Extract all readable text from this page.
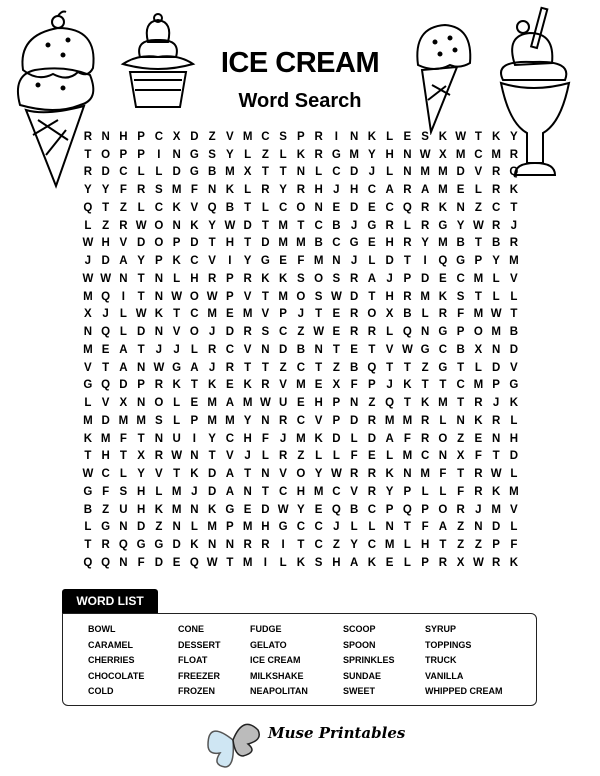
ICE CREAM
Word Search
R N H P C X D Z V M C S P R	I	N K L E S K W T K Y
T O P P	I	N G S Y L Z L K R G M Y H N W X M C M R
R D C L L D G B M X T T N L C D J L N M M D V R Q
Y Y F R S M F N K L R Y R H J H C A R A M E L R K
Q T Z L C K V Q B T L C O N E D E C Q R K N Z C T
L Z R W O N K Y W D T M T C B J G R L R G Y W R J
W H V D O P D T H T D M M B C G E H R Y M B T B R
J D A Y P K C V	I	Y G E F M N J L D T	I	Q G P Y M
W W N T N L H R P R K K S O S R A J P D E C M L V
M Q	I	T N W O W P V T M O S W D T H R M K S T L L
X J L W K T C M E M V P J T E R O X B L R F M W T
N Q L D N V O J D R S C Z W E R R L Q N G P O M B
M E A T J J L R C V N D B N T E T V W G C B X N D
V T A N W G A J R T T Z C T Z B Q T T Z G T L D V
G Q D P R K T K E K R V M E X F P J K T T C M P G
L V X N O L E M A M W U E H P N Z Q T K M T R J K
M D M M S L P M M Y N R C V P D R M M R L N K R L
K M F T N U	I	Y C H F J M K D L D A F R O Z E N H
T H T X R W N T V J L R Z L L F E L M C N X F T D
W C L Y V T K D A T N V O Y W R R K N M F T R W L
G F S H L M J D A N T C H M C V R Y P L L F R K M
B Z U H K M N K G E D W Y E Q B C P Q P O R J M V
L G N D Z N L M P M H G C C J L L N T F A Z N D L
T R Q G G D K N N R R	I	T C Z Y C M L H T Z Z P F
Q Q N F D E Q W T M I	L K S H A K E L P R X W R K
WORD LIST
BOWL
CARAMEL
CHERRIES
CHOCOLATE
COLD
CONE
DESSERT
FLOAT
FREEZER
FROZEN
FUDGE
GELATO
ICE CREAM
MILKSHAKE
NEAPOLITAN
SCOOP
SPOON
SPRINKLES
SUNDAE
SWEET
SYRUP
TOPPINGS
TRUCK
VANILLA
WHIPPED CREAM
Muse Printables
